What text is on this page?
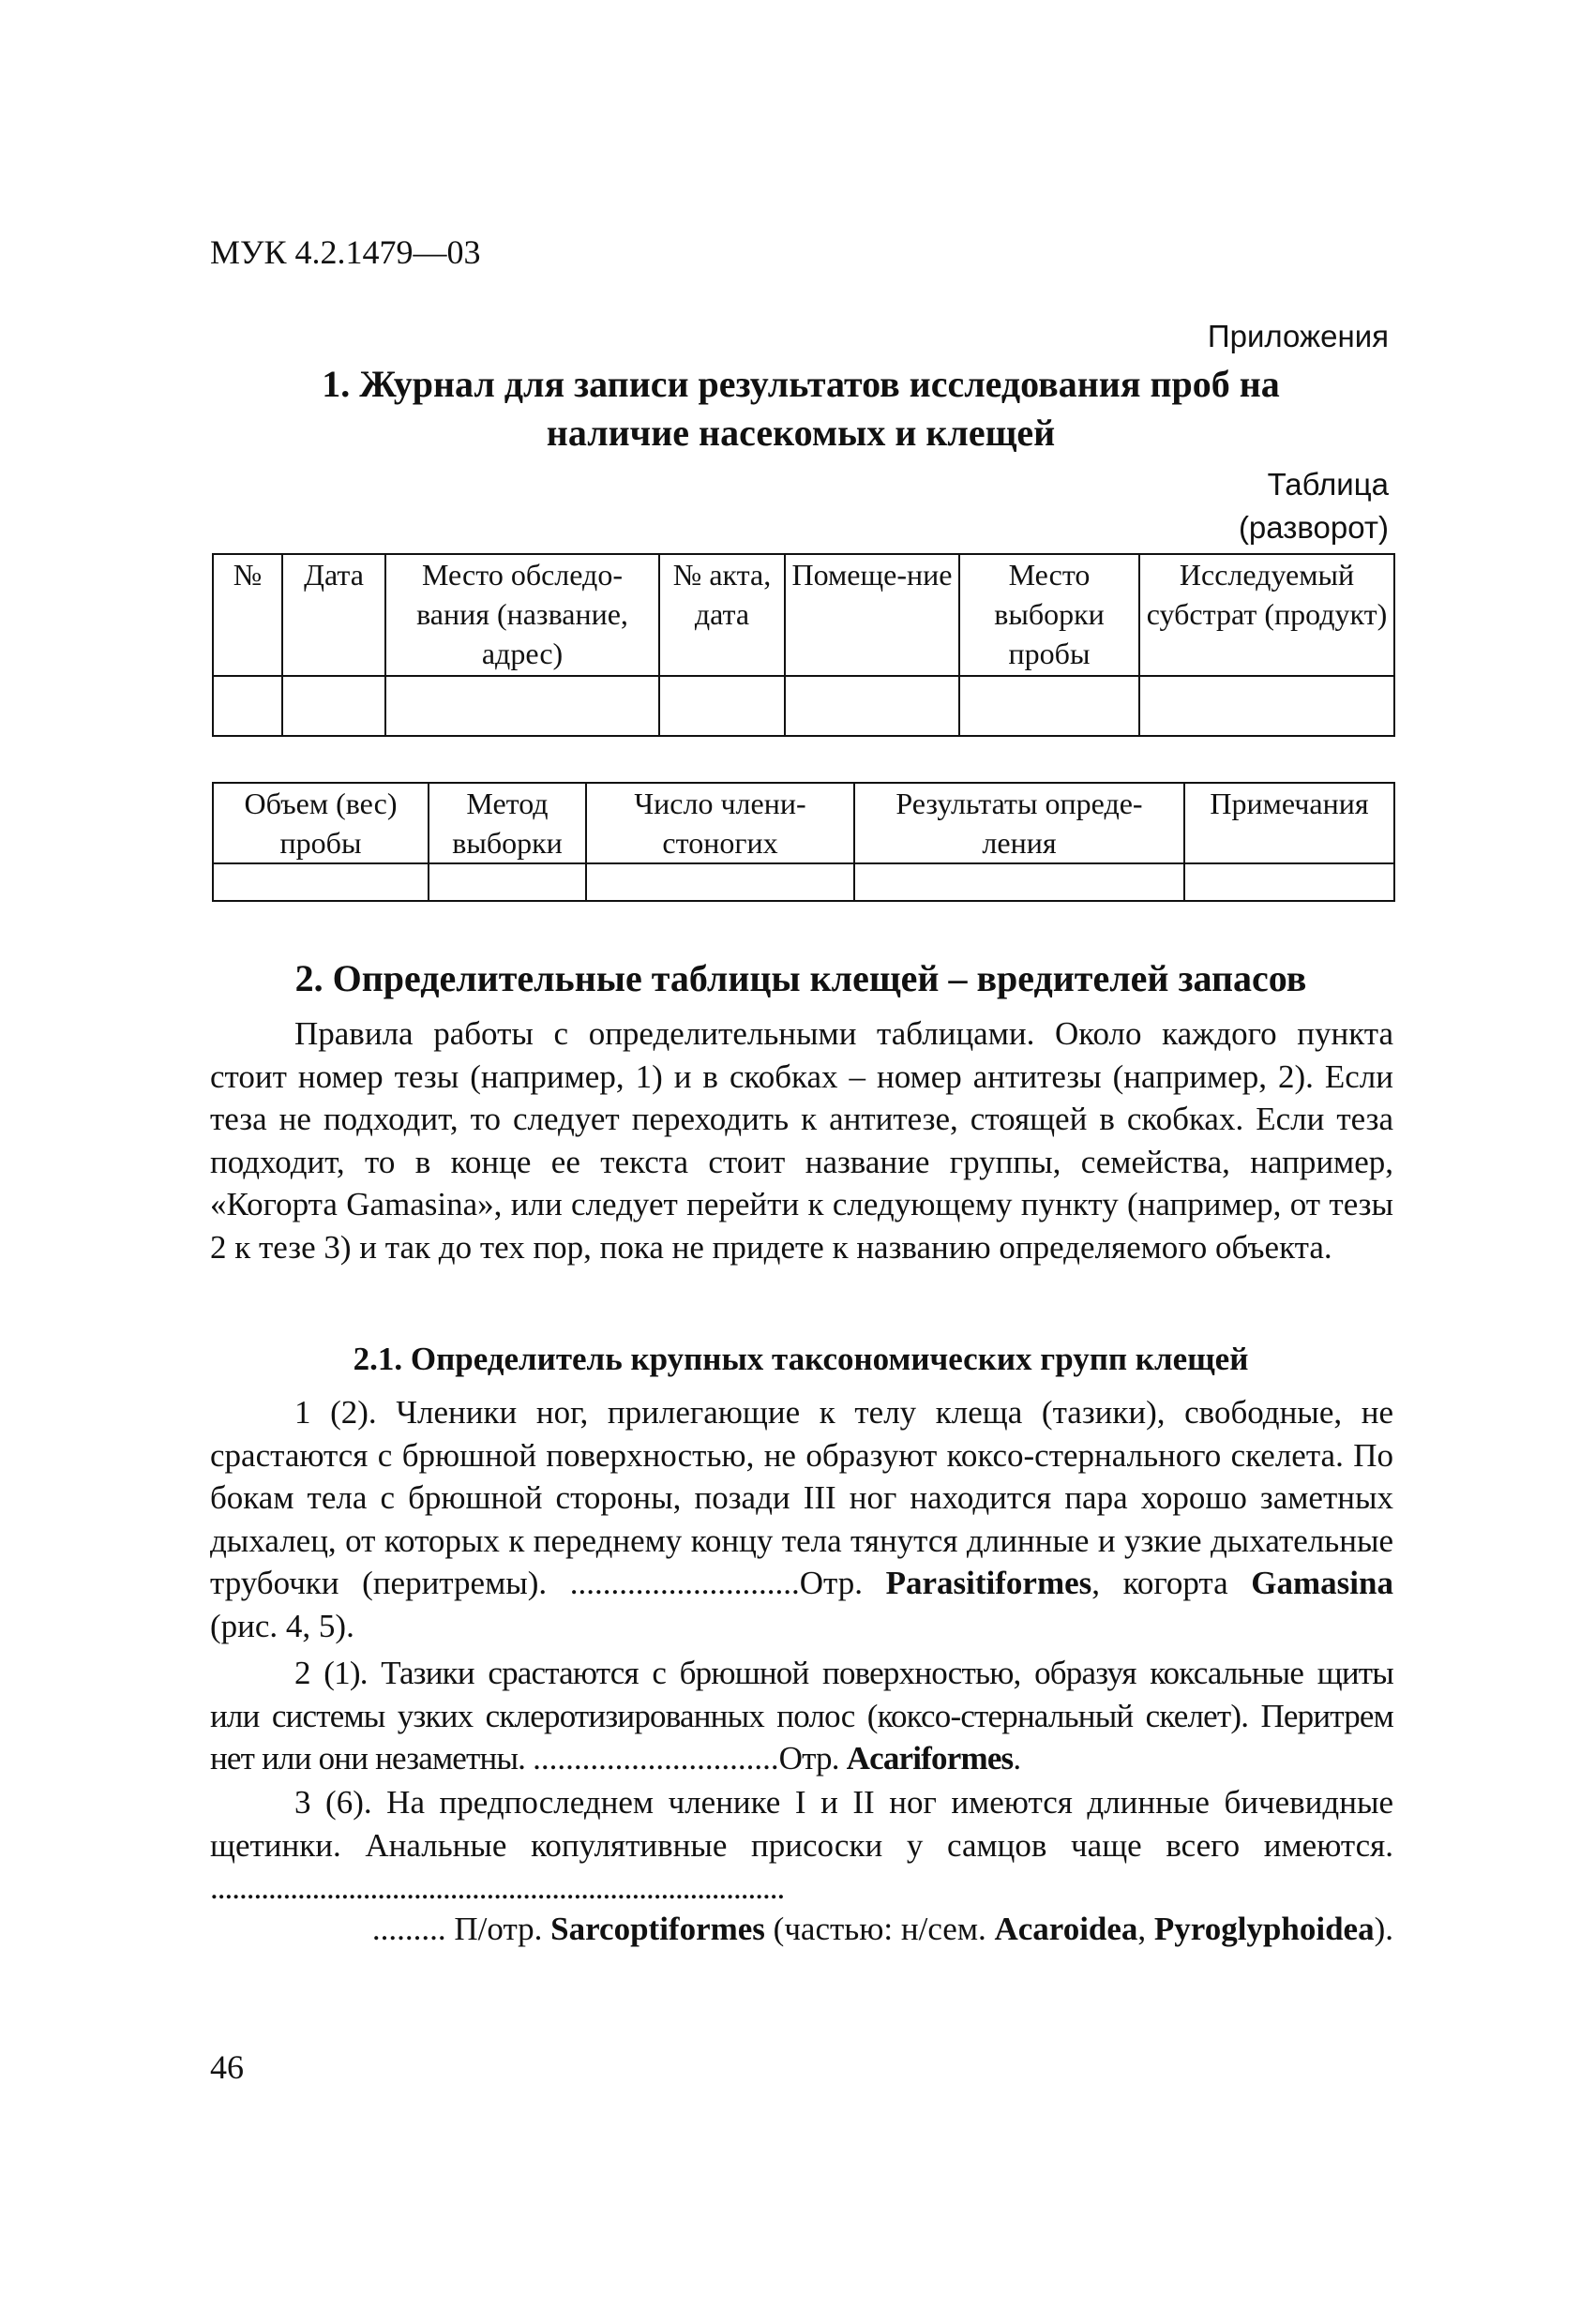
МУК 4.2.1479—03
Приложения
1. Журнал для записи результатов исследования проб на
наличие насекомых и клещей
Таблица
(разворот)
№	Дата	Место обследо-вания (название, адрес)	№ акта, дата	Помеще-ние	Место выборки пробы	Исследуемый субстрат (продукт)

Объем (вес) пробы	Метод выборки	Число члени-стоногих	Результаты опреде-ления	Примечания

2. Определительные таблицы клещей – вредителей запасов

Правила работы с определительными таблицами. Около каждого пункта стоит номер тезы (например, 1) и в скобках – номер антитезы (например, 2). Если теза не подходит, то следует переходить к антитезе, стоящей в скобках. Если теза подходит, то в конце ее текста стоит название группы, семейства, например, «Когорта Gamasina», или следует перейти к следующему пункту (например, от тезы 2 к тезе 3) и так до тех пор, пока не придете к названию определяемого объекта.

2.1. Определитель крупных таксономических групп клещей

1 (2). Членики ног, прилегающие к телу клеща (тазики), свободные, не срастаются с брюшной поверхностью, не образуют коксо-стернального скелета. По бокам тела с брюшной стороны, позади III ног находится пара хорошо заметных дыхалец, от которых к переднему концу тела тянутся длинные и узкие дыхательные трубочки (перитремы). ............................Отр. Parasitiformes, когорта Gamasina (рис. 4, 5).

2 (1). Тазики срастаются с брюшной поверхностью, образуя коксальные щиты или системы узких склеротизированных полос (коксо-стернальный скелет). Перитрем нет или они незаметны. ..............................Отр. Acariformes.

3 (6). На предпоследнем членике I и II ног имеются длинные бичевидные щетинки. Анальные копулятивные присоски у самцов чаще всего имеются. ...............................................................................

......... П/отр. Sarcoptiformes (частью: н/сем. Acaroidea, Pyroglyphoidea).
46
